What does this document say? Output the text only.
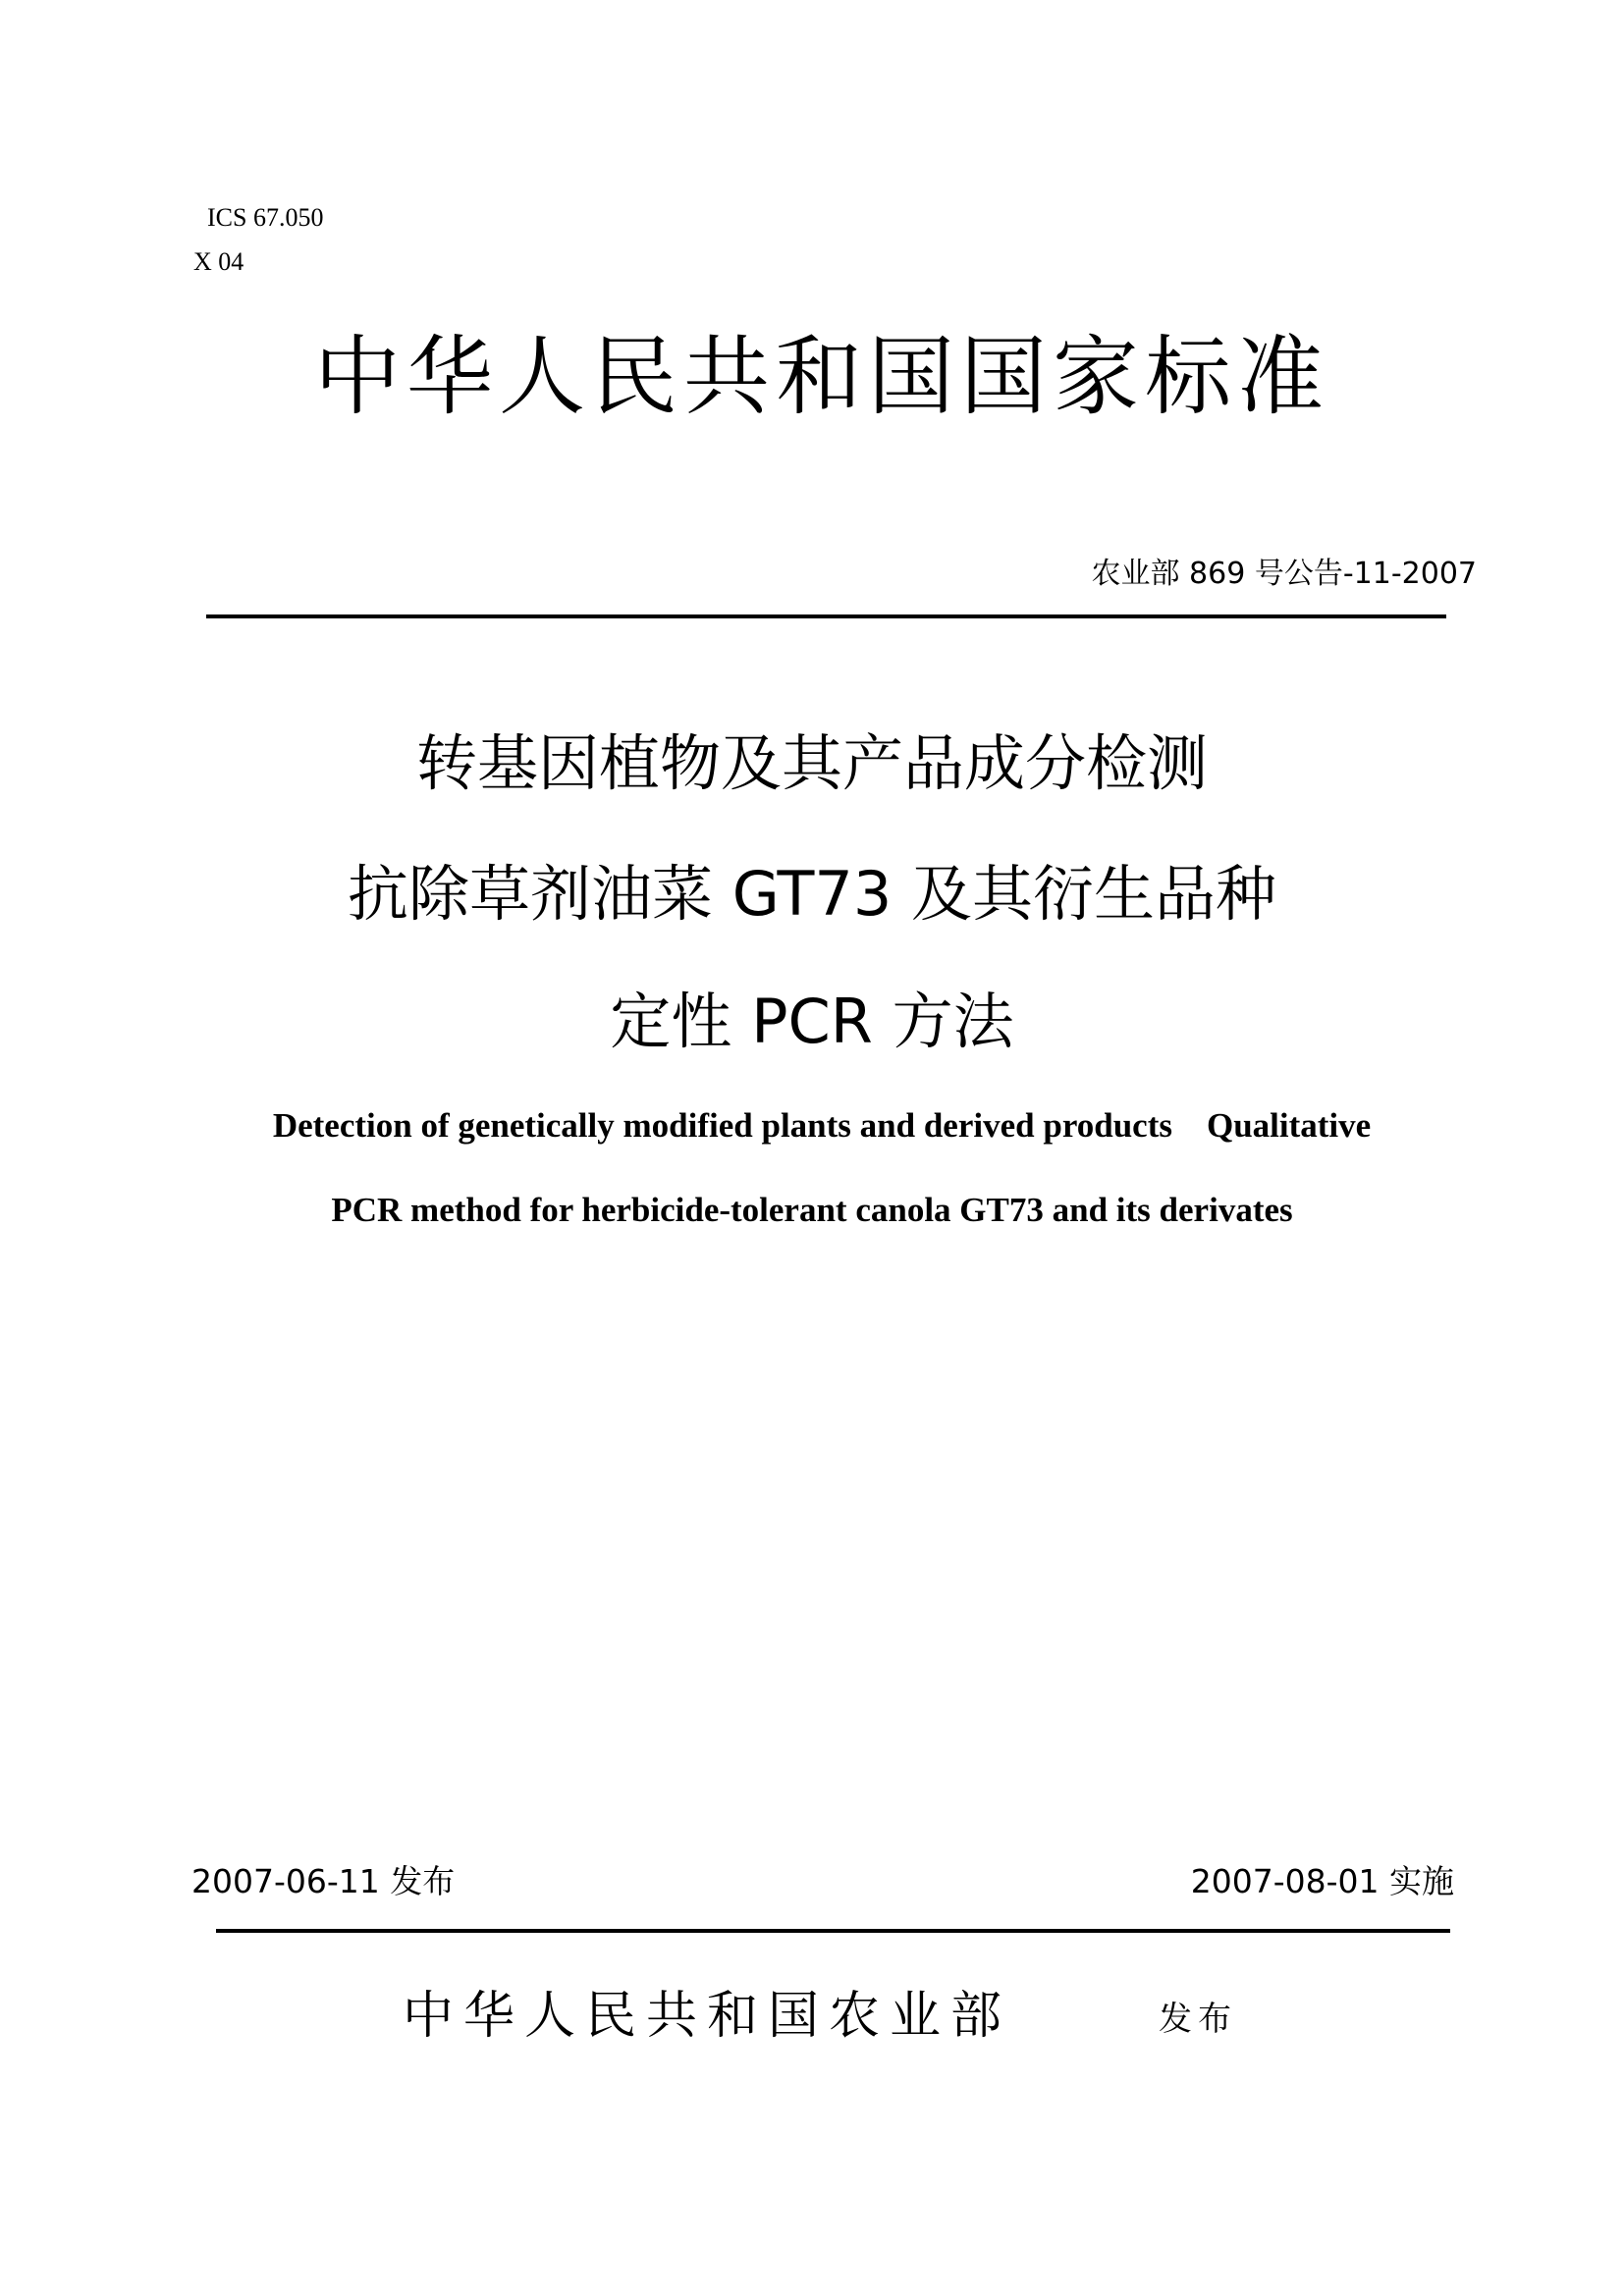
ICS 67.050
X 04
中华人民共和国国家标准
农业部 869 号公告-11-2007
转基因植物及其产品成分检测
抗除草剂油菜 GT73 及其衍生品种
定性 PCR 方法
Detection of genetically modified plants and derived products    Qualitative
PCR method for herbicide-tolerant canola GT73 and its derivates
2007-06-11 发布	2007-08-01 实施
中华人民共和国农业部	发布
